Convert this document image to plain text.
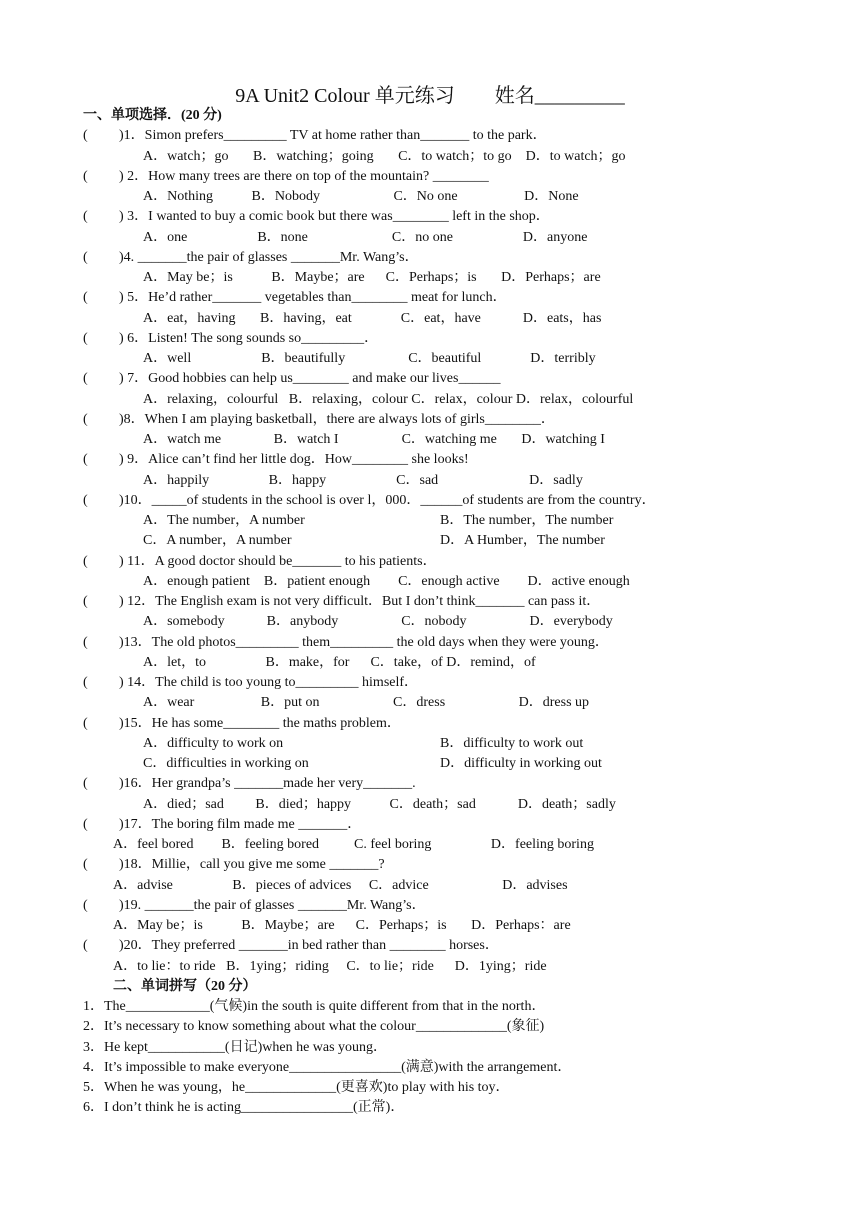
9A Unit2 Colour 单元练习        姓名_________
一、单项选择．(20 分)
( )1．Simon prefers_________ TV at home rather than_______ to the park．
A．watch；go       B．watching；going       C．to watch；to go    D．to watch；go
( ) 2．How many trees are there on top of the mountain? ________
A．Nothing           B．Nobody                     C．No one                   D．None
( ) 3．I wanted to buy a comic book but there was________ left in the shop．
A．one                    B．none                        C．no one                    D．anyone
( )4. _______the pair of glasses _______Mr. Wang’s．
A．May be；is           B．Maybe；are      C．Perhaps；is       D．Perhaps；are
( ) 5．He’d rather_______ vegetables than________ meat for lunch．
A．eat，having       B．having，eat              C．eat，have            D．eats，has
( ) 6．Listen! The song sounds so_________．
A．well                    B．beautifully                  C．beautiful              D．terribly
( ) 7．Good hobbies can help us________ and make our lives______
A．relaxing，colourful   B．relaxing，colour C．relax，colour D．relax，colourful
( )8．When I am playing basketball，there are always lots of girls________．
A．watch me               B．watch I                  C．watching me       D．watching I
( ) 9．Alice can’t find her little dog．How________ she looks!
A．happily                 B．happy                    C．sad                          D．sadly
( )10．_____of students in the school is over l，000．______of students are from the country．
A．The number，A number	B．The number，The number
C．A number，A number	D．A Humber，The number
( ) 11．A good doctor should be_______ to his patients．
A．enough patient    B．patient enough        C．enough active        D．active enough
( ) 12．The English exam is not very difficult．But I don’t think_______ can pass it．
A．somebody            B．anybody                  C．nobody                  D．everybody
( )13．The old photos_________ them_________ the old days when they were young．
A．let，to                 B．make，for      C．take，of D．remind，of
( ) 14．The child is too young to_________ himself．
A．wear                   B．put on                     C．dress                     D．dress up
( )15．He has some________ the maths problem．
A．difficulty to work on	B．difficulty to work out
C．difficulties in working on	D．difficulty in working out
( )16．Her grandpa’s _______made her very_______.
A．died；sad         B．died；happy           C．death；sad            D．death；sadly
( )17．The boring film made me _______．
A．feel bored        B．feeling bored          C. feel boring                 D．feeling boring
( )18．Millie，call you give me some _______?
A．advise                 B．pieces of advices     C．advice                     D．advises
( )19. _______the pair of glasses _______Mr. Wang’s．
A．May be；is           B．Maybe；are      C．Perhaps；is       D．Perhaps：are
( )20．They preferred _______in bed rather than ________ horses．
A．to lie：to ride   B．1ying；riding     C．to lie；ride      D．1ying；ride
二、单词拼写（20 分）
1．The____________(气候)in the south is quite different from that in the north．
2．It’s necessary to know something about what the colour_____________(象征)
3．He kept___________(日记)when he was young．
4．It’s impossible to make everyone________________(满意)with the arrangement．
5．When he was young，he_____________(更喜欢)to play with his toy．
6．I don’t think he is acting________________(正常)．
